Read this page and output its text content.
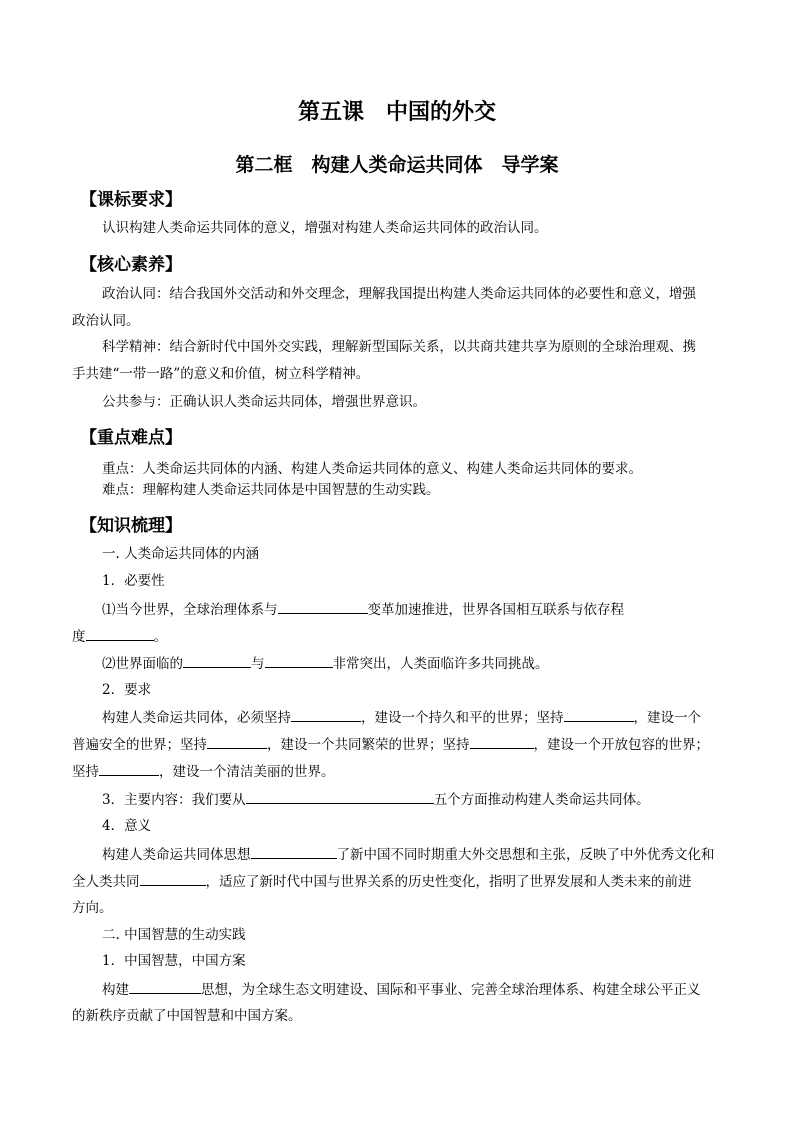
第五课　中国的外交
第二框　构建人类命运共同体　导学案
【课标要求】
认识构建人类命运共同体的意义，增强对构建人类命运共同体的政治认同。
【核心素养】
政治认同：结合我国外交活动和外交理念，理解我国提出构建人类命运共同体的必要性和意义，增强
政治认同。
科学精神：结合新时代中国外交实践，理解新型国际关系，以共商共建共享为原则的全球治理观、携
手共建“一带一路”的意义和价值，树立科学精神。
公共参与：正确认识人类命运共同体，增强世界意识。
【重点难点】
重点：人类命运共同体的内涵、构建人类命运共同体的意义、构建人类命运共同体的要求。
难点：理解构建人类命运共同体是中国智慧的生动实践。
【知识梳理】
一. 人类命运共同体的内涵
1．必要性
⑴当今世界，全球治理体系与	变革加速推进，世界各国相互联系与依存程
度	。
⑵世界面临的	与	非常突出，人类面临许多共同挑战。
2．要求
构建人类命运共同体，必须坚持	，建设一个持久和平的世界；坚持	，建设一个
普遍安全的世界；坚持	，建设一个共同繁荣的世界；坚持	，建设一个开放包容的世界；
坚持	，建设一个清洁美丽的世界。
3．主要内容：我们要从	五个方面推动构建人类命运共同体。
4．意义
构建人类命运共同体思想	了新中国不同时期重大外交思想和主张，反映了中外优秀文化和
全人类共同	，适应了新时代中国与世界关系的历史性变化，指明了世界发展和人类未来的前进
方向。
二. 中国智慧的生动实践
1．中国智慧，中国方案
构建	思想，为全球生态文明建设、国际和平事业、完善全球治理体系、构建全球公平正义
的新秩序贡献了中国智慧和中国方案。
